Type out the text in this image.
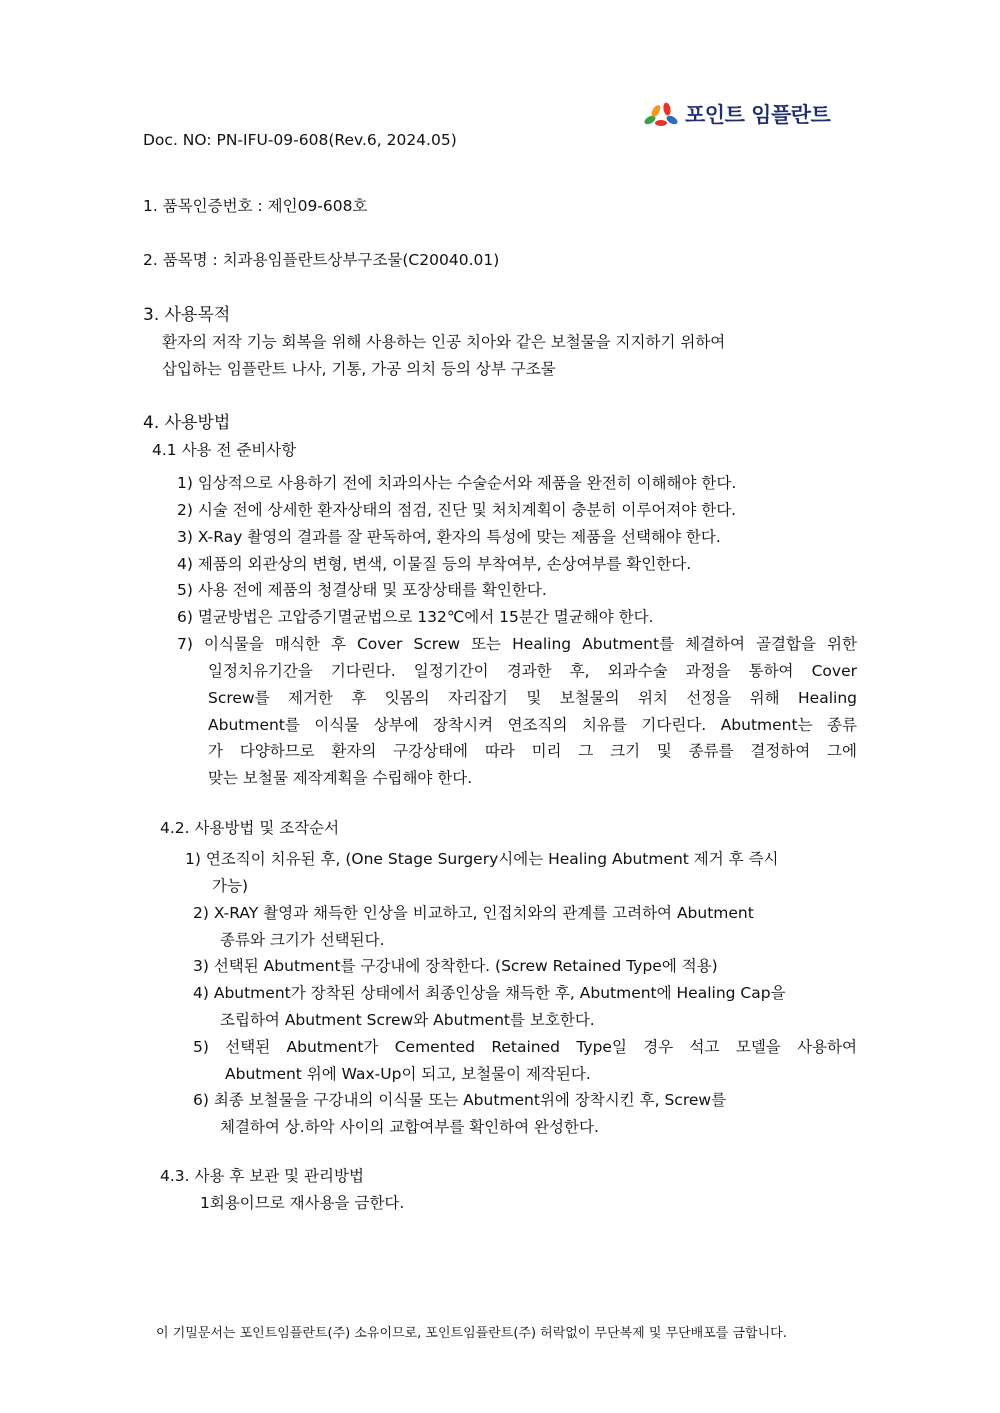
포인트 임플란트
Doc. NO: PN-IFU-09-608(Rev.6, 2024.05)
1. 품목인증번호 : 제인09-608호
2. 품목명 : 치과용임플란트상부구조물(C20040.01)
3. 사용목적
환자의 저작 기능 회복을 위해 사용하는 인공 치아와 같은 보철물을 지지하기 위하여
삽입하는 임플란트 나사, 기통, 가공 의치 등의 상부 구조물
4. 사용방법
4.1 사용 전 준비사항
1) 임상적으로 사용하기 전에 치과의사는 수술순서와 제품을 완전히 이해해야 한다.
2) 시술 전에 상세한 환자상태의 점검, 진단 및 처치계획이 충분히 이루어져야 한다.
3) X-Ray 촬영의 결과를 잘 판독하여, 환자의 특성에 맞는 제품을 선택해야 한다.
4) 제품의 외관상의 변형, 변색, 이물질 등의 부착여부, 손상여부를 확인한다.
5) 사용 전에 제품의 청결상태 및 포장상태를 확인한다.
6) 멸균방법은 고압증기멸균법으로 132℃에서 15분간 멸균해야 한다.
7) 이식물을 매식한 후 Cover Screw 또는 Healing Abutment를 체결하여 골결합을 위한
일정치유기간을 기다린다. 일정기간이 경과한 후, 외과수술 과정을 통하여 Cover
Screw를 제거한 후 잇몸의 자리잡기 및 보철물의 위치 선정을 위해 Healing
Abutment를 이식물 상부에 장착시켜 연조직의 치유를 기다린다. Abutment는 종류
가 다양하므로 환자의 구강상태에 따라 미리 그 크기 및 종류를 결정하여 그에
맞는 보철물 제작계획을 수립해야 한다.
4.2. 사용방법 및 조작순서
1) 연조직이 치유된 후, (One Stage Surgery시에는 Healing Abutment 제거 후 즉시
가능)
2) X-RAY 촬영과 채득한 인상을 비교하고, 인접치와의 관계를 고려하여 Abutment
종류와 크기가 선택된다.
3) 선택된 Abutment를 구강내에 장착한다. (Screw Retained Type에 적용)
4) Abutment가 장착된 상태에서 최종인상을 채득한 후, Abutment에 Healing Cap을
조립하여 Abutment Screw와 Abutment를 보호한다.
5) 선택된 Abutment가 Cemented Retained Type일 경우 석고 모델을 사용하여
Abutment 위에 Wax-Up이 되고, 보철물이 제작된다.
6) 최종 보철물을 구강내의 이식물 또는 Abutment위에 장착시킨 후, Screw를
체결하여 상.하악 사이의 교합여부를 확인하여 완성한다.
4.3. 사용 후 보관 및 관리방법
1회용이므로 재사용을 금한다.
이 기밀문서는 포인트임플란트(주) 소유이므로, 포인트임플란트(주) 허락없이 무단복제 및 무단배포를 금합니다.
